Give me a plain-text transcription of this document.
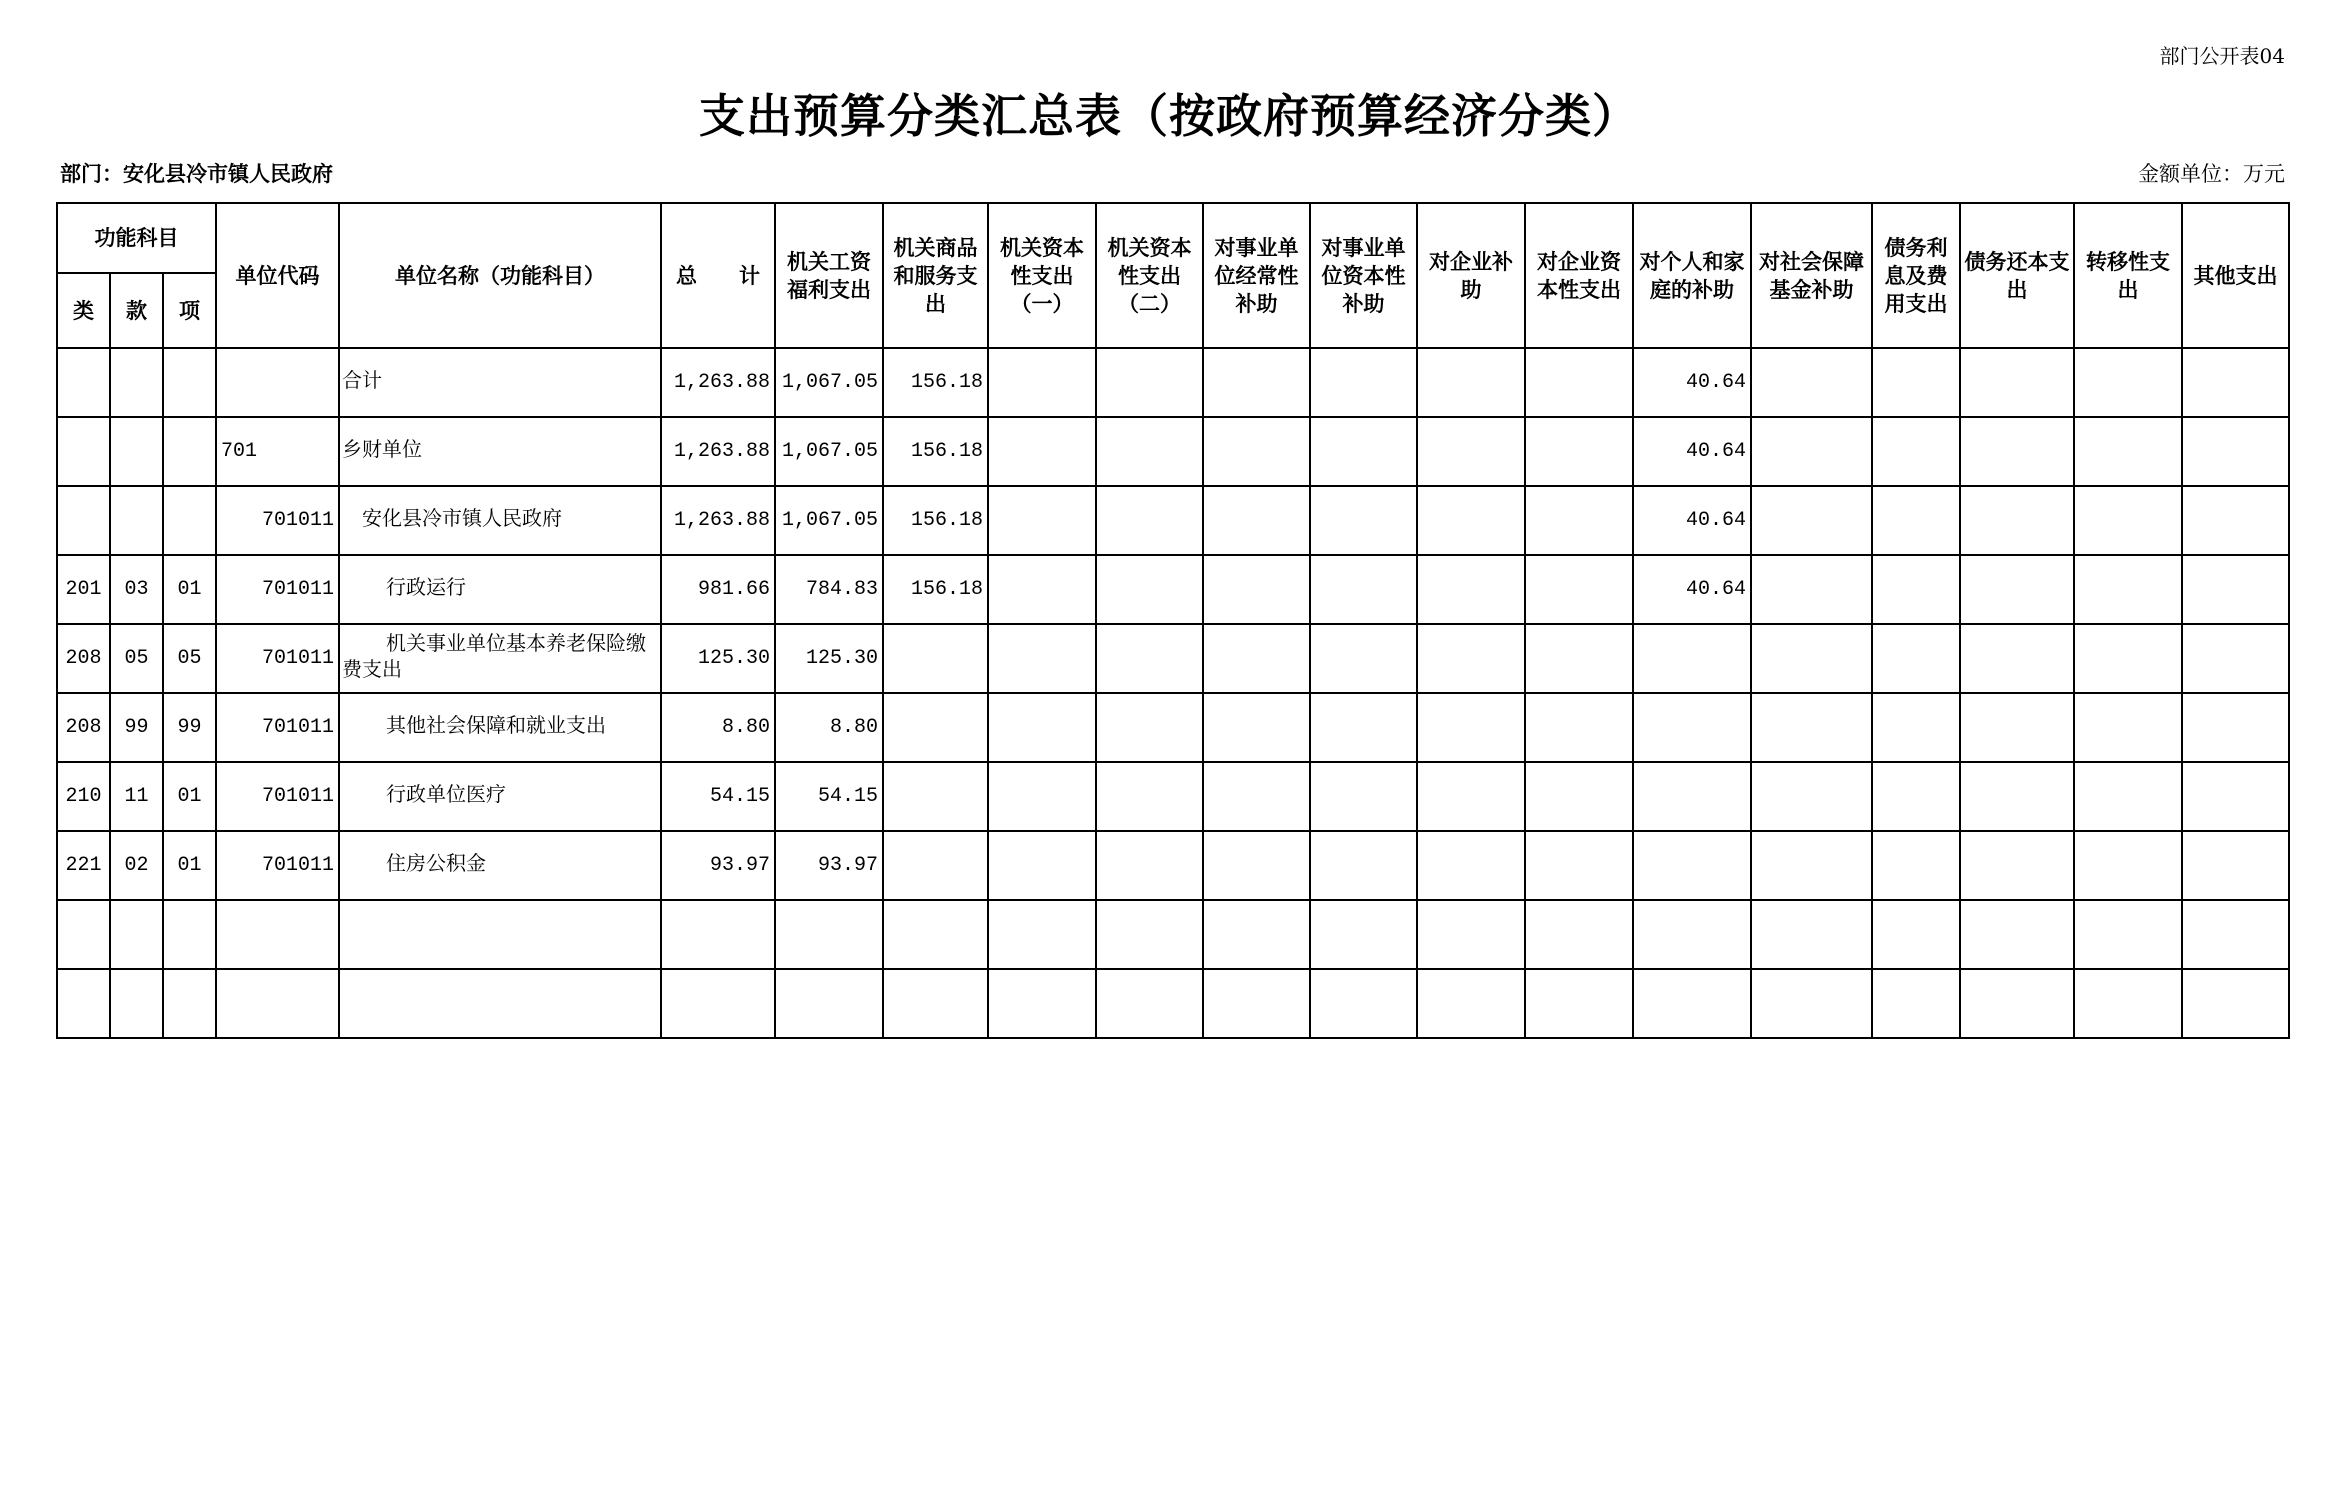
部门公开表04
支出预算分类汇总表（按政府预算经济分类）
部门：安化县冷市镇人民政府	金额单位：万元
功能科目			单位代码	单位名称（功能科目）	总　　计	机关工资福利支出	机关商品和服务支出	机关资本性支出（一）	机关资本性支出（二）	对事业单位经常性补助	对事业单位资本性补助	对企业补助	对企业资本性支出	对个人和家庭的补助	对社会保障基金补助	债务利息及费用支出	债务还本支出	转移性支出	其他支出
类	款	项																	
				合计	1,263.88	1,067.05	156.18							40.64					
			701	乡财单位	1,263.88	1,067.05	156.18							40.64					
			701011	安化县冷市镇人民政府	1,263.88	1,067.05	156.18							40.64					
201	03	01	701011	行政运行	981.66	784.83	156.18							40.64					
208	05	05	701011	机关事业单位基本养老保险缴费支出	125.30	125.30													
208	99	99	701011	其他社会保障和就业支出	8.80	8.80													
210	11	01	701011	行政单位医疗	54.15	54.15													
221	02	01	701011	住房公积金	93.97	93.97													
